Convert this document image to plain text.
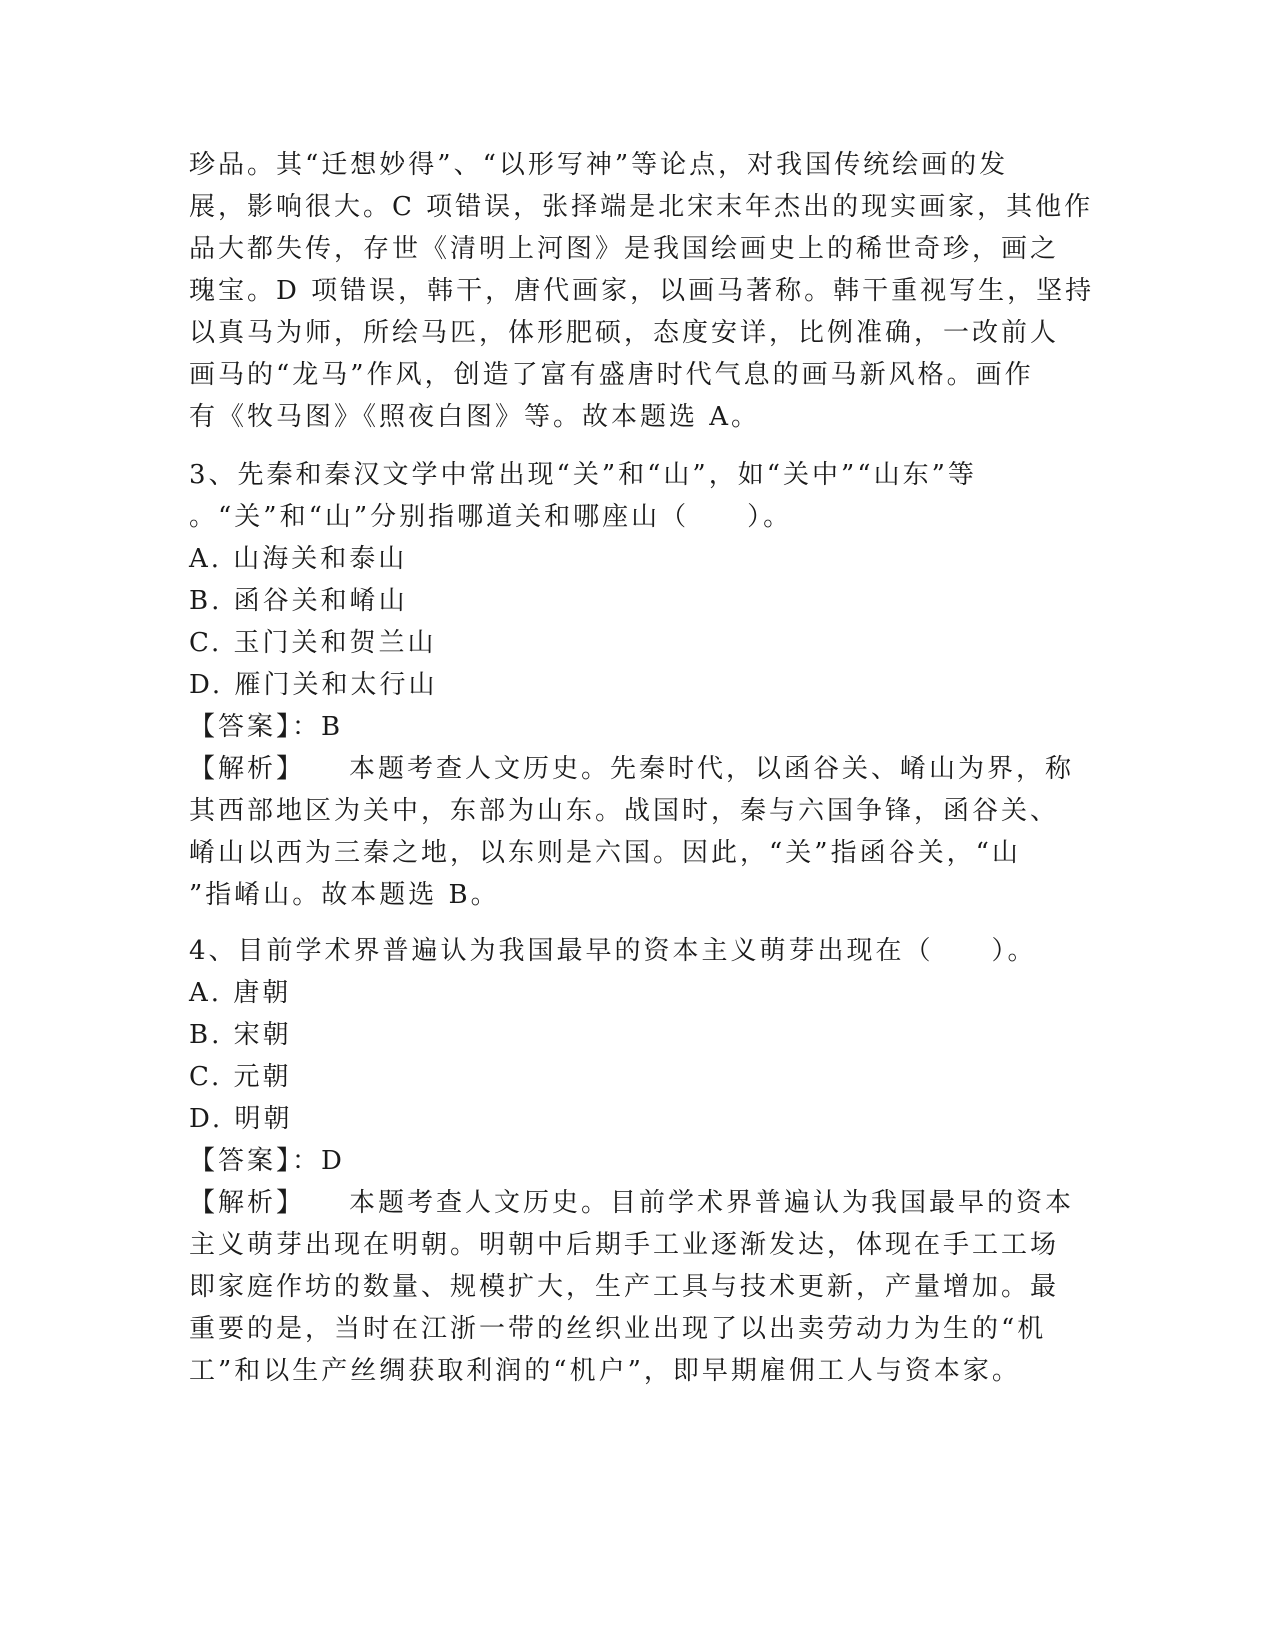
珍品。其“迁想妙得”、“以形写神”等论点，对我国传统绘画的发
展，影响很大。C 项错误，张择端是北宋末年杰出的现实画家，其他作
品大都失传，存世《清明上河图》是我国绘画史上的稀世奇珍，画之
瑰宝。D 项错误，韩干，唐代画家，以画马著称。韩干重视写生，坚持
以真马为师，所绘马匹，体形肥硕，态度安详，比例准确，一改前人
画马的“龙马”作风，创造了富有盛唐时代气息的画马新风格。画作
有《牧马图》《照夜白图》等。故本题选 A。
3、先秦和秦汉文学中常出现“关”和“山”，如“关中”“山东”等
。“关”和“山”分别指哪道关和哪座山（　　）。
A. 山海关和泰山
B. 函谷关和崤山
C. 玉门关和贺兰山
D. 雁门关和太行山
【答案】：B
【解析】 本题考查人文历史。先秦时代，以函谷关、崤山为界，称
其西部地区为关中，东部为山东。战国时，秦与六国争锋，函谷关、
崤山以西为三秦之地，以东则是六国。因此，“关”指函谷关，“山
”指崤山。故本题选 B。
4、目前学术界普遍认为我国最早的资本主义萌芽出现在（　　）。
A. 唐朝
B. 宋朝
C. 元朝
D. 明朝
【答案】：D
【解析】 本题考查人文历史。目前学术界普遍认为我国最早的资本
主义萌芽出现在明朝。明朝中后期手工业逐渐发达，体现在手工工场
即家庭作坊的数量、规模扩大，生产工具与技术更新，产量增加。最
重要的是，当时在江浙一带的丝织业出现了以出卖劳动力为生的“机
工”和以生产丝绸获取利润的“机户”，即早期雇佣工人与资本家。
